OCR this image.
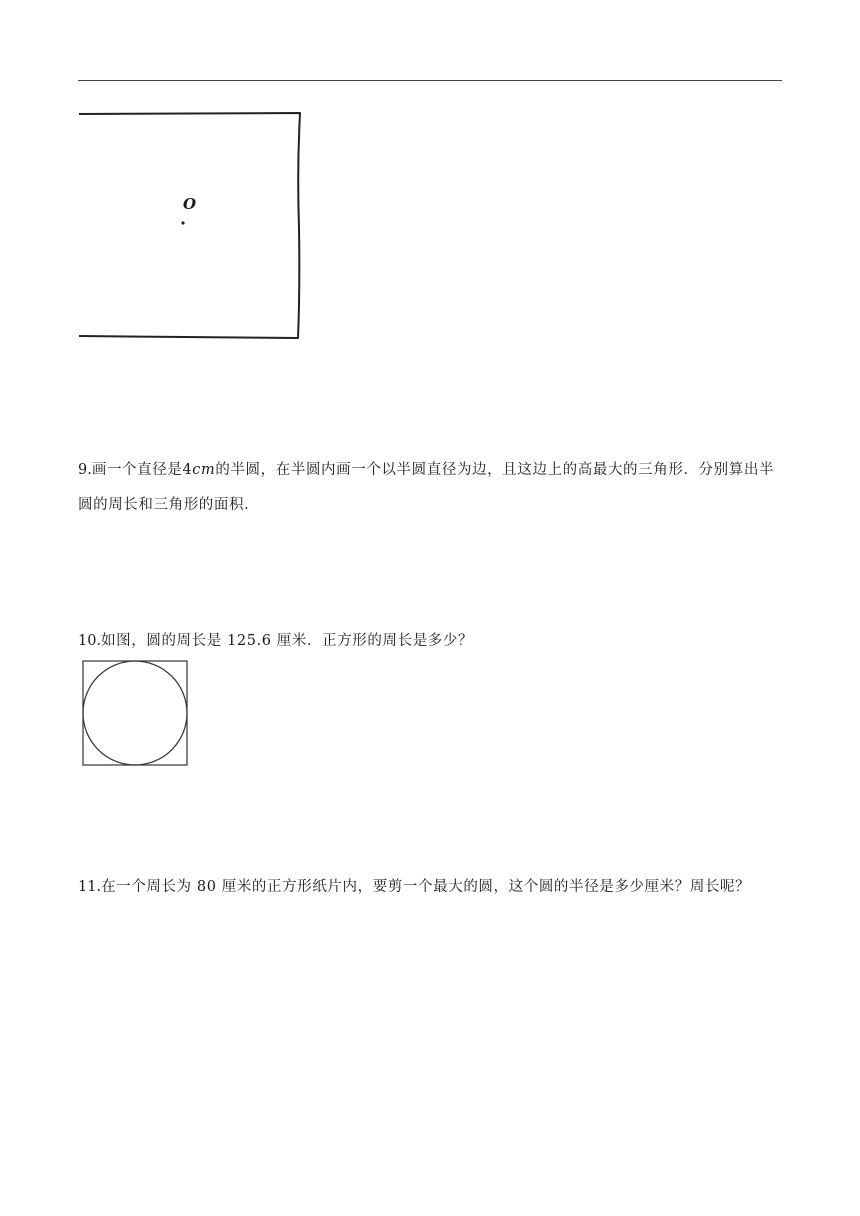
O
9.画一个直径是4cm的半圆，在半圆内画一个以半圆直径为边，且这边上的高最大的三角形．分别算出半圆的周长和三角形的面积．
10.如图，圆的周长是 125.6 厘米．正方形的周长是多少？
11.在一个周长为 80 厘米的正方形纸片内，要剪一个最大的圆，这个圆的半径是多少厘米？周长呢？
